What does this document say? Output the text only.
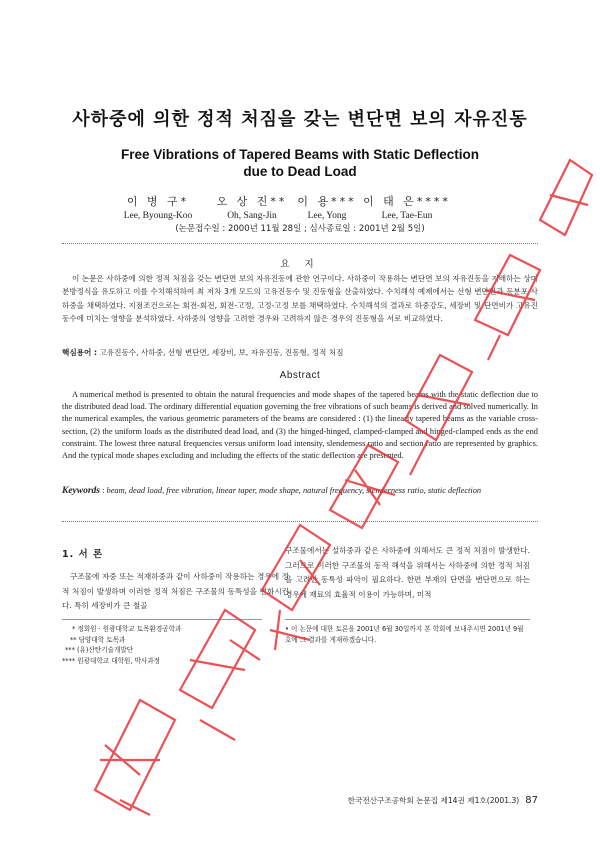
사하중에 의한 정적 처짐을 갖는 변단면 보의 자유진동
Free Vibrations of Tapered Beams with Static Deflection
due to Dead Load
이 병 구*
Lee, Byoung-Koo
오 상 진**
Oh, Sang-Jin
이 용***
Lee, Yong
이 태 은****
Lee, Tae-Eun
(논문접수일 : 2000년 11월 28일 ; 심사종료일 : 2001년 2월 5일)
요 지
이 논문은 사하중에 의한 정적 처짐을 갖는 변단면 보의 자유진동에 관한 연구이다. 사하중이 작용하는 변단면 보의 자유진동을 지배하는 상미분방정식을 유도하고 이를 수치해석하여 최 저차 3개 모드의 고유진동수 및 진동형을 산출하였다. 수치해석 예제에서는 선형 변단면과 등분포 사하중을 채택하였다. 지점조건으로는 회전-회전, 회전-고정, 고정-고정 보를 채택하였다. 수치해석의 결과로 하중강도, 세장비 및 단면비가 고유진동수에 미치는 영향을 분석하였다. 사하중의 영향을 고려한 경우와 고려하지 않은 경우의 진동형을 서로 비교하였다.
핵심용어 : 고유진동수, 사하중, 선형 변단면, 세장비, 보, 자유진동, 진동형, 정적 처짐
Abstract
A numerical method is presented to obtain the natural frequencies and mode shapes of the tapered beams with the static deflection due to the distributed dead load. The ordinary differential equation governing the free vibrations of such beams is derived and solved numerically. In the numerical examples, the various geometric parameters of the beams are considered : (1) the linearly tapered beams as the variable cross-section, (2) the uniform loads as the distributed dead load, and (3) the hinged-hinged, clamped-clamped and hinged-clamped ends as the end constraint. The lowest three natural frequencies versus uniform load intensity, slenderness ratio and section ratio are represented by graphics. And the typical mode shapes excluding and including the effects of the static deflection are presented.
Keywords : beam, dead load, free vibration, linear taper, mode shape, natural frequency, slenderness ratio, static deflection
1. 서 론
구조물에 자중 또는 적재하중과 같이 사하중이 작용하는 경우에 정적 처짐이 발생하며 이러한 정적 처짐은 구조물의 동특성을 변화시킨다. 특히 세장비가 큰 철골
구조물에서는 설하중과 같은 사하중에 의해서도 큰 정적 처짐이 발생한다. 그러므로 이러한 구조물의 동적 해석을 위해서는 사하중에 의한 정적 처짐을 고려한 동특성 파악이 필요하다. 한편 부재의 단면을 변단면으로 하는 경우에 재료의 효율적 이용이 가능하며, 미적
* 정회원 · 원광대학교 토목환경공학과
** 담양대학 토목과
*** (유)산탄기술개발단
**** 원광대학교 대학원, 박사과정
• 이 논문에 대한 토론을 2001년 6월 30일까지 본 학회에 보내주시면 2001년 9월호에 그 결과를 게재하겠습니다.
한국전산구조공학회 논문집 제14권 제1호(2001.3) 87
